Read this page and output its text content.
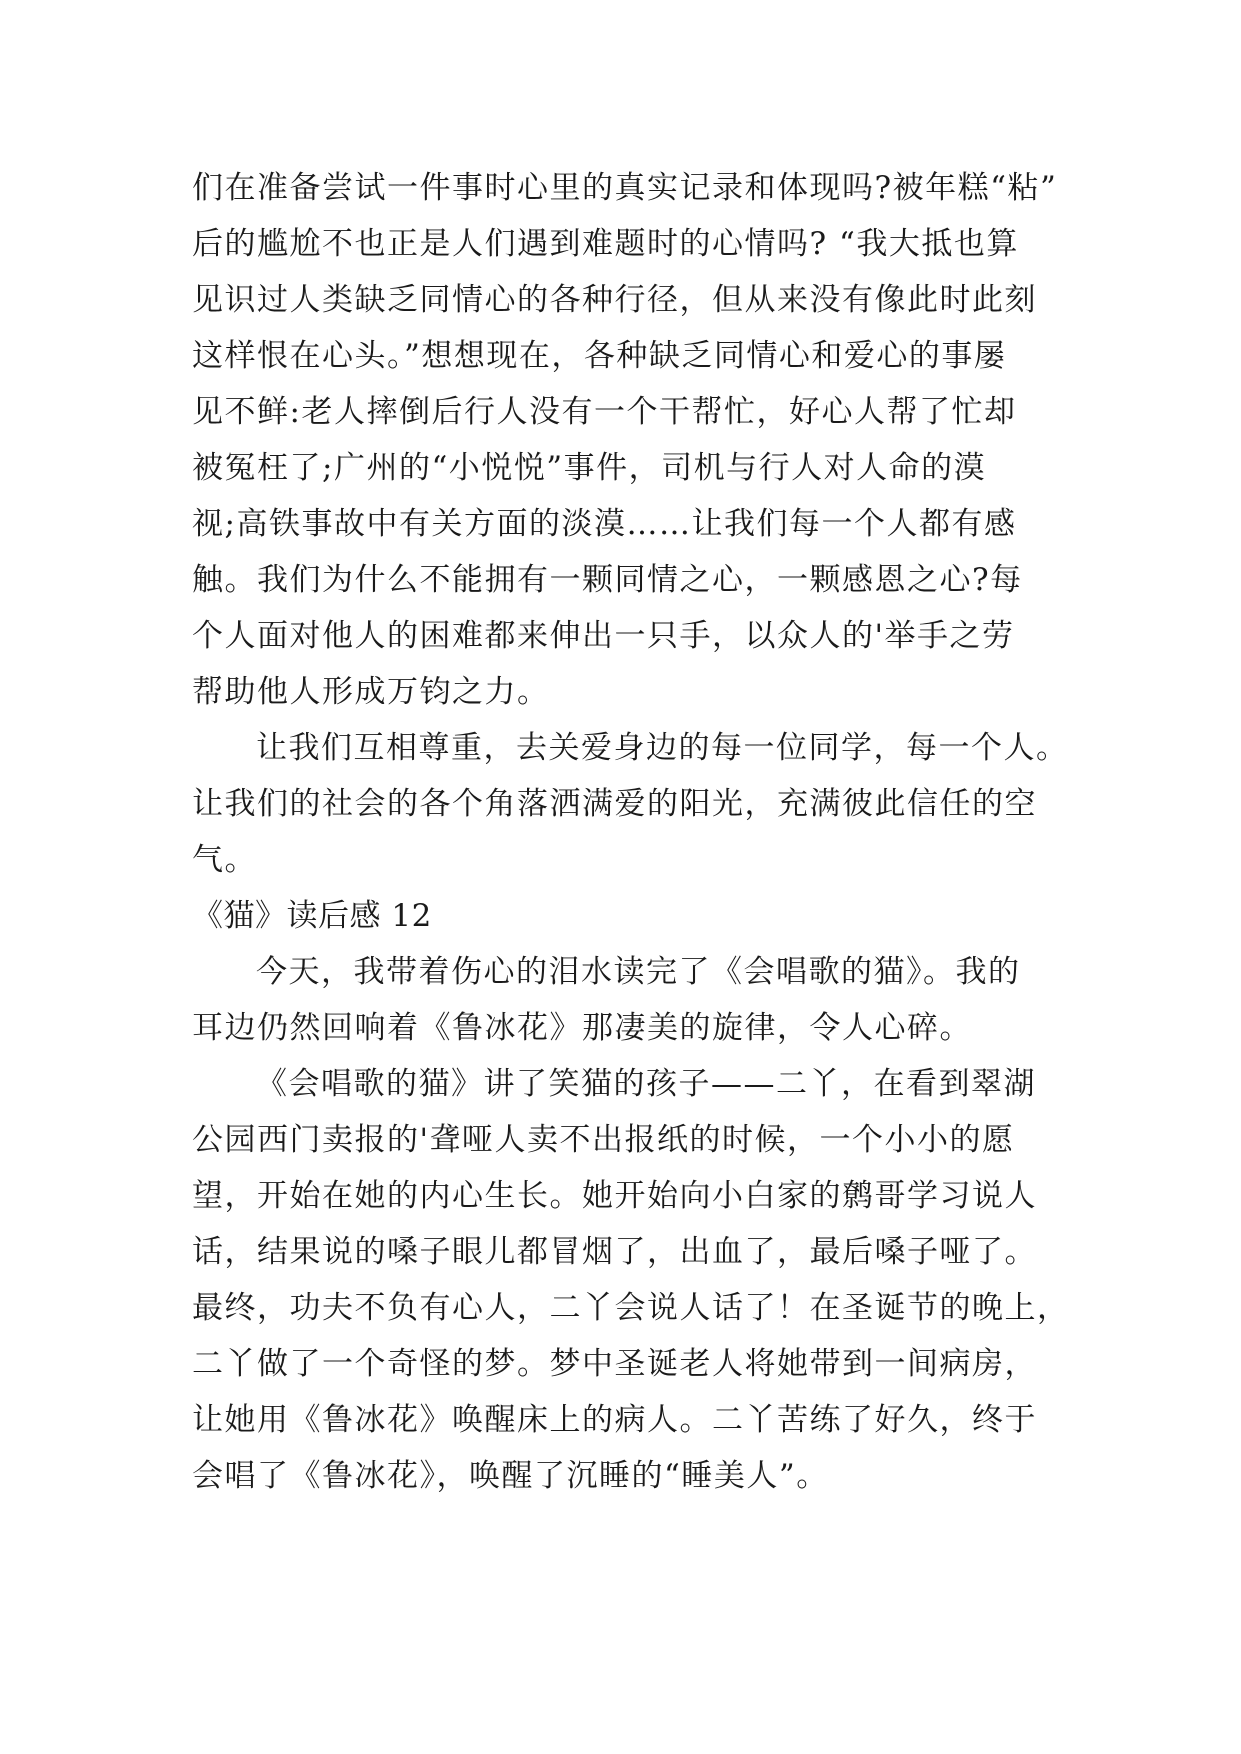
们在准备尝试一件事时心里的真实记录和体现吗?被年糕“粘”
后的尴尬不也正是人们遇到难题时的心情吗? “我大抵也算
见识过人类缺乏同情心的各种行径，但从来没有像此时此刻
这样恨在心头。”想想现在，各种缺乏同情心和爱心的事屡
见不鲜:老人摔倒后行人没有一个干帮忙，好心人帮了忙却
被冤枉了;广州的“小悦悦”事件，司机与行人对人命的漠
视;高铁事故中有关方面的淡漠……让我们每一个人都有感
触。我们为什么不能拥有一颗同情之心，一颗感恩之心?每
个人面对他人的困难都来伸出一只手，以众人的'举手之劳
帮助他人形成万钧之力。
让我们互相尊重，去关爱身边的每一位同学，每一个人。
让我们的社会的各个角落洒满爱的阳光，充满彼此信任的空
气。
《猫》读后感 12
今天，我带着伤心的泪水读完了《会唱歌的猫》。我的
耳边仍然回响着《鲁冰花》那凄美的旋律，令人心碎。
《会唱歌的猫》讲了笑猫的孩子——二丫，在看到翠湖
公园西门卖报的'聋哑人卖不出报纸的时候，一个小小的愿
望，开始在她的内心生长。她开始向小白家的鹩哥学习说人
话，结果说的嗓子眼儿都冒烟了，出血了，最后嗓子哑了。
最终，功夫不负有心人，二丫会说人话了！在圣诞节的晚上，
二丫做了一个奇怪的梦。梦中圣诞老人将她带到一间病房，
让她用《鲁冰花》唤醒床上的病人。二丫苦练了好久，终于
会唱了《鲁冰花》，唤醒了沉睡的“睡美人”。
